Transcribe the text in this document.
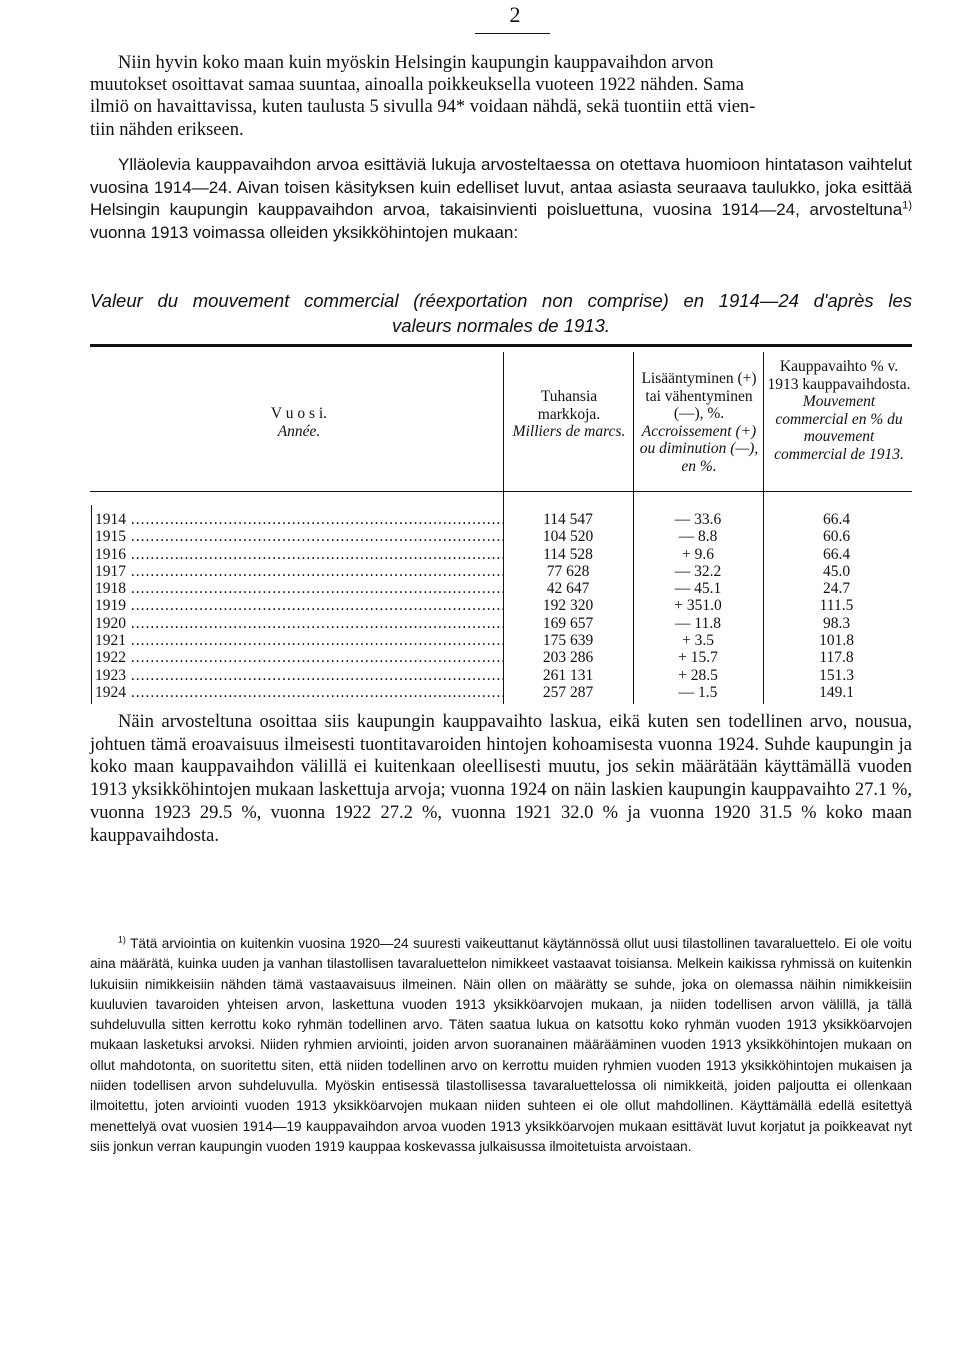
2
Niin hyvin koko maan kuin myöskin Helsingin kaupungin kauppavaihdon arvon
muutokset osoittavat samaa suuntaa, ainoalla poikkeuksella vuoteen 1922 nähden. Sama
ilmiö on havaittavissa, kuten taulusta 5 sivulla 94* voidaan nähdä, sekä tuontiin että vien-
tiin nähden erikseen.
Ylläolevia kauppavaihdon arvoa esittäviä lukuja arvosteltaessa on otettava huomioon hintatason vaihtelut vuosina 1914—24. Aivan toisen käsityksen kuin edelliset luvut, antaa asiasta seuraava taulukko, joka esittää Helsingin kaupungin kauppavaihdon arvoa, takaisinvienti poisluettuna, vuosina 1914—24, arvosteltuna$^{1)}$ vuonna 1913 voimassa olleiden yksikköhintojen mukaan:
Valeur du mouvement commercial (réexportation non comprise) en 1914—24 d'après les
valeurs normales de 1913.
V u o s i.
Année.
Tuhansia markkoja.
Milliers de marcs.
Lisääntyminen (+) tai vähentyminen (—), %.
Accroissement (+) ou diminution (—), en %.
Kauppavaihto % v. 1913 kauppavaihdosta.
Mouvement commercial en % du mouvement commercial de 1913.
1914 .....	114 547	— 33.6	66.4
1915 .....	104 520	— 8.8	60.6
1916 .....	114 528	+ 9.6	66.4
1917 .....	77 628	— 32.2	45.0
1918 .....	42 647	— 45.1	24.7
1919 .....	192 320	+ 351.0	111.5
1920 .....	169 657	— 11.8	98.3
1921 .....	175 639	+ 3.5	101.8
1922 .....	203 286	+ 15.7	117.8
1923 .....	261 131	+ 28.5	151.3
1924 .....	257 287	— 1.5	149.1
Näin arvosteltuna osoittaa siis kaupungin kauppavaihto laskua, eikä kuten sen todellinen arvo, nousua, johtuen tämä eroavaisuus ilmeisesti tuontitavaroiden hintojen kohoamisesta vuonna 1924. Suhde kaupungin ja koko maan kauppavaihdon välillä ei kuitenkaan oleellisesti muutu, jos sekin määrätään käyttämällä vuoden 1913 yksikköhintojen mukaan laskettuja arvoja; vuonna 1924 on näin laskien kaupungin kauppavaihto 27.1 %, vuonna 1923 29.5 %, vuonna 1922 27.2 %, vuonna 1921 32.0 % ja vuonna 1920 31.5 % koko maan kauppavaihdosta.
$^{1)}$ Tätä arviointia on kuitenkin vuosina 1920—24 suuresti vaikeuttanut käytännössä ollut uusi tilastollinen tavaraluettelo. Ei ole voitu aina määrätä, kuinka uuden ja vanhan tilastollisen tavaraluettelon nimikkeet vastaavat toisiansa. Melkein kaikissa ryhmissä on kuitenkin lukuisiin nimikkeisiin nähden tämä vastaavaisuus ilmeinen. Näin ollen on määrätty se suhde, joka on olemassa näihin nimikkeisiin kuuluvien tavaroiden yhteisen arvon, laskettuna vuoden 1913 yksikköarvojen mukaan, ja niiden todellisen arvon välillä, ja tällä suhdeluvulla sitten kerrottu koko ryhmän todellinen arvo. Täten saatua lukua on katsottu koko ryhmän vuoden 1913 yksikköarvojen mukaan lasketuksi arvoksi. Niiden ryhmien arviointi, joiden arvon suoranainen määrääminen vuoden 1913 yksikköhintojen mukaan on ollut mahdotonta, on suoritettu siten, että niiden todellinen arvo on kerrottu muiden ryhmien vuoden 1913 yksikköhintojen mukaisen ja niiden todellisen arvon suhdeluvulla. Myöskin entisessä tilastollisessa tavaraluettelossa oli nimikkeitä, joiden paljoutta ei ollenkaan ilmoitettu, joten arviointi vuoden 1913 yksikköarvojen mukaan niiden suhteen ei ole ollut mahdollinen. Käyttämällä edellä esitettyä menettelyä ovat vuosien 1914—19 kauppavaihdon arvoa vuoden 1913 yksikköarvojen mukaan esittävät luvut korjatut ja poikkeavat nyt siis jonkun verran kaupungin vuoden 1919 kauppaa koskevassa julkaisussa ilmoitetuista arvoistaan.
